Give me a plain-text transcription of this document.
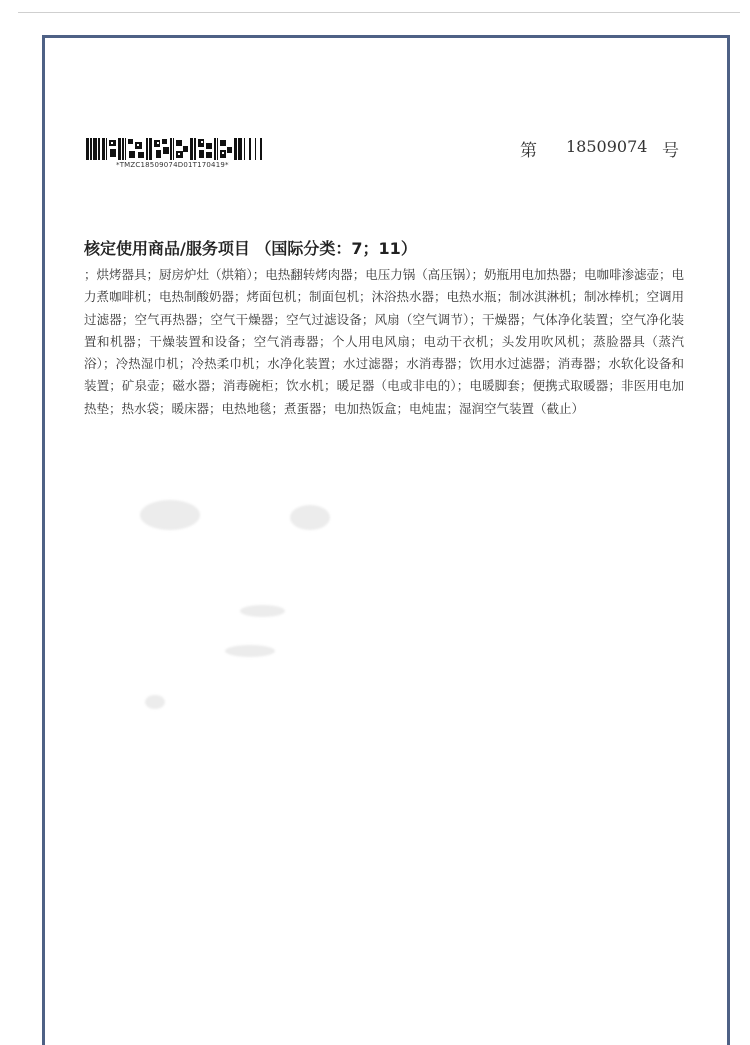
*TMZC18509074D01T170419*
第 18509074 号
核定使用商品/服务项目 （国际分类：7；11）
；烘烤器具；厨房炉灶（烘箱）；电热翻转烤肉器；电压力锅（高压锅）；奶瓶用电加热器；电咖啡渗滤壶；电力煮咖啡机；电热制酸奶器；烤面包机；制面包机；沐浴热水器；电热水瓶；制冰淇淋机；制冰棒机；空调用过滤器；空气再热器；空气干燥器；空气过滤设备；风扇（空气调节）；干燥器；气体净化装置；空气净化装置和机器；干燥装置和设备；空气消毒器；个人用电风扇；电动干衣机；头发用吹风机；蒸脸器具（蒸汽浴）；冷热湿巾机；冷热柔巾机；水净化装置；水过滤器；水消毒器；饮用水过滤器；消毒器；水软化设备和装置；矿泉壶；磁水器；消毒碗柜；饮水机；暖足器（电或非电的）；电暖脚套；便携式取暖器；非医用电加热垫；热水袋；暖床器；电热地毯；煮蛋器；电加热饭盒；电炖盅；湿润空气装置（截止）
